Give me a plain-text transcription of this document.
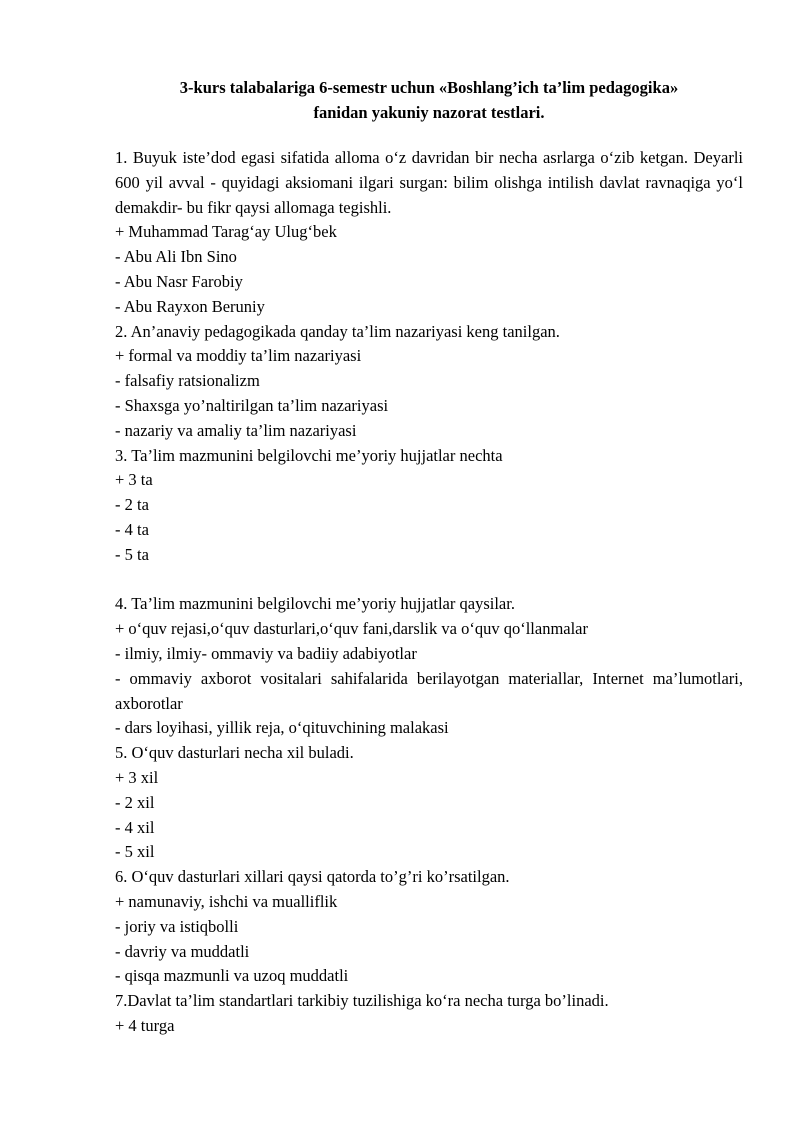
3-kurs talabalariga 6-semestr uchun «Boshlang’ich ta’lim pedagogika»
fanidan yakuniy nazorat testlari.
1. Buyuk iste’dod egasi sifatida alloma o‘z davridan bir necha asrlarga o‘zib ketgan. Deyarli 600 yil avval - quyidagi aksiomani ilgari surgan: bilim olishga intilish davlat ravnaqiga yo‘l demakdir- bu fikr qaysi allomaga tegishli.
+ Muhammad Tarag‘ay Ulug‘bek
- Abu Ali Ibn Sino
- Abu Nasr Farobiy
- Abu Rayxon Beruniy
2. An’anaviy pedagogikada qanday ta’lim nazariyasi keng tanilgan.
+ formal va moddiy ta’lim nazariyasi
- falsafiy ratsionalizm
- Shaxsga yo’naltirilgan ta’lim nazariyasi
- nazariy va amaliy ta’lim nazariyasi
3. Ta’lim mazmunini belgilovchi me’yoriy hujjatlar nechta
+ 3 ta
- 2 ta
- 4 ta
- 5 ta
4. Ta’lim mazmunini belgilovchi me’yoriy hujjatlar qaysilar.
+ o‘quv rejasi,o‘quv dasturlari,o‘quv fani,darslik va o‘quv qo‘llanmalar
- ilmiy, ilmiy- ommaviy va badiiy adabiyotlar
- ommaviy axborot vositalari sahifalarida berilayotgan materiallar, Internet ma’lumotlari, axborotlar
- dars loyihasi, yillik reja, o‘qituvchining malakasi
5. O‘quv dasturlari necha xil buladi.
+ 3 xil
- 2 xil
- 4 xil
- 5 xil
6. O‘quv dasturlari xillari qaysi qatorda to’g’ri ko’rsatilgan.
+ namunaviy, ishchi va mualliflik
- joriy va istiqbolli
- davriy va muddatli
- qisqa mazmunli va uzoq muddatli
7.Davlat ta’lim standartlari tarkibiy tuzilishiga ko‘ra necha turga bo’linadi.
+ 4 turga
